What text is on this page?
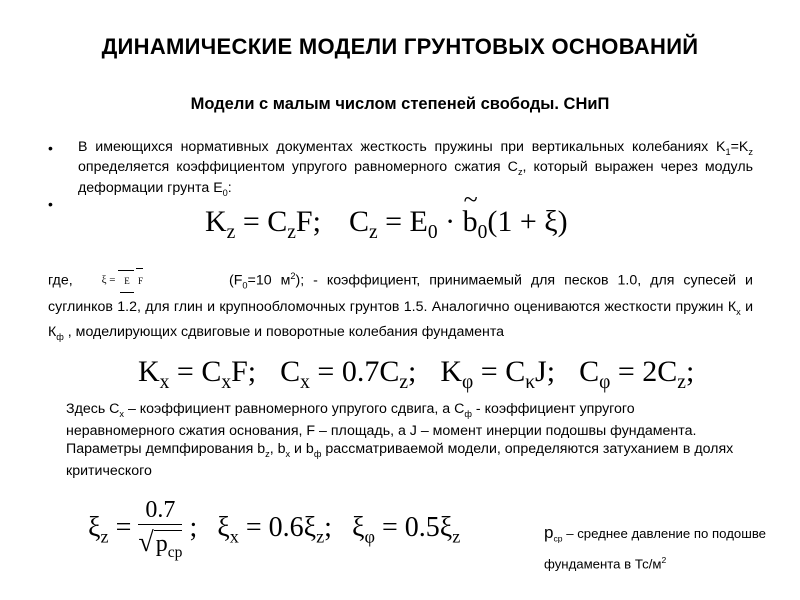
ДИНАМИЧЕСКИЕ МОДЕЛИ ГРУНТОВЫХ ОСНОВАНИЙ
Модели с малым числом степеней свободы. СНиП
• В имеющихся нормативных документах жесткость пружины при вертикальных колебаниях $K_1=K_z$ определяется коэффициентом упругого равномерного сжатия $C_z$, который выражен через модуль деформации грунта $E_0$:
•
$K_z = C_zF$; $C_z = E_0$ · ~ $b_0(1 + \xi)$
где,	ξ = E
F	($F_0=10$ $м^2$); - коэффициент, принимаемый для песков 1.0, для супесей и суглинков 1.2, для глин и крупнообломочных грунтов 1.5. Аналогично оцениваются жесткости пружин $К_x$ и $К_ф$ , моделирующих сдвиговые и поворотные колебания фундамента
$K_x = C_xF$; $C_x = 0.7C_z$; $K_\varphi = C_\kappa J$; $C_\varphi = 2C_z$;
Здесь $C_x$ – коэффициент равномерного упругого сдвига, а $C_ф$ - коэффициент упругого неравномерного сжатия основания, F – площадь, а J – момент инерции подошвы фундамента. Параметры демпфирования $b_z$, $b_x$ и $b_ф$ рассматриваемой модели, определяются затуханием в долях критического
$\xi_z = \frac{0.7}{√p_{cp}}$ ; $\xi_x = 0.6\xi_z$; $\xi_\varphi = 0.5\xi_z$	$p_{ср}$ – среднее давление по подошве фундамента в $Тс/м^2$
